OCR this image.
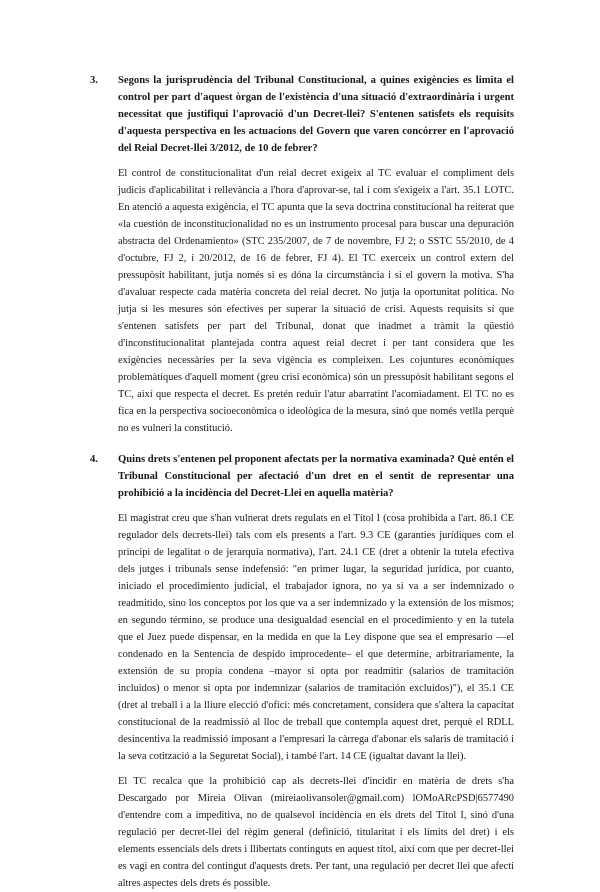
3.	Segons la jurisprudència del Tribunal Constitucional, a quines exigències es limita el control per part d'aquest òrgan de l'existència d'una situació d'extraordinària i urgent necessitat que justifiqui l'aprovació d'un Decret-llei? S'entenen satisfets els requisits d'aquesta perspectiva en les actuacions del Govern que varen concórrer en l'aprovació del Reial Decret-llei 3/2012, de 10 de febrer?

El control de constitucionalitat d'un reial decret exigeix al TC evaluar el compliment dels judicis d'aplicabilitat i rellevància a l'hora d'aprovar-se, tal i com s'exigeix a l'art. 35.1 LOTC. En atenció a aquesta exigència, el TC apunta que la seva doctrina constitucional ha reiterat que «la cuestión de inconstitucionalidad no es un instrumento procesal para buscar una depuración abstracta del Ordenamiento» (STC 235/2007, de 7 de novembre, FJ 2; o SSTC 55/2010, de 4 d'octubre, FJ 2, i 20/2012, de 16 de febrer, FJ 4). El TC exerceix un control extern del pressupòsit habilitant, jutja només si es dóna la circumstància i si el govern la motiva. S'ha d'avaluar respecte cada matèria concreta del reial decret. No jutja la oportunitat política. No jutja si les mesures són efectives per superar la situació de crisi. Aquests requisits sí que s'entenen satisfets per part del Tribunal, donat que inadmet a tràmit la qüestió d'inconstitucionalitat plantejada contra aquest reial decret i per tant considera que les exigències necessàries per la seva vigència es compleixen. Les cojuntures econòmiques problemàtiques d'aquell moment (greu crisi econòmica) són un pressupòsit habilitant segons el TC, així que respecta el decret. Es pretén reduir l'atur abarratint l'acomiadament. El TC no es fica en la perspectiva socioeconòmica o ideològica de la mesura, sinó que només vetlla perquè no es vulneri la constitució.

4.	Quins drets s'entenen pel proponent afectats per la normativa examinada? Què entén el Tribunal Constitucional per afectació d'un dret en el sentit de representar una prohibició a la incidència del Decret-Llei en aquella matèria?

El magistrat creu que s'han vulnerat drets regulats en el Títol I (cosa prohibida a l'art. 86.1 CE regulador dels decrets-llei) tals com els presents a l'art. 9.3 CE (garanties jurídiques com el principi de legalitat o de jerarquia normativa), l'art. 24.1 CE (dret a obtenir la tutela efectiva dels jutges i tribunals sense indefensió: "en primer lugar, la seguridad jurídica, por cuanto, iniciado el procedimiento judicial, el trabajador ignora, no ya si va a ser indemnizado o readmitido, sino los conceptos por los que va a ser indemnizado y la extensión de los mismos; en segundo término, se produce una desigualdad esencial en el procedimiento y en la tutela que el Juez puede dispensar, en la medida en que la Ley dispone que sea el empresario ––el condenado en la Sentencia de despido improcedente– el que determine, arbitrariamente, la extensión de su propia condena –mayor si opta por readmitir (salarios de tramitación incluidos) o menor si opta por indemnizar (salarios de tramitación excluidos)"), el 35.1 CE (dret al treball i a la lliure elecció d'ofici: més concretament, considera que s'altera la capacitat constitucional de la readmissió al lloc de treball que contempla aquest dret, perquè el RDLL desincentiva la readmissió imposant a l'empresari la càrrega d'abonar els salaris de tramitació i la seva cotització a la Seguretat Social), i també l'art. 14 CE (igualtat davant la llei).

El TC recalca que la prohibició cap als decrets-llei d'incidir en matèria de drets s'ha Descargado por Mireia Olivan (mireiaolivansoler@gmail.com) lOMoARcPSD|6577490 d'entendre com a impeditiva, no de qualsevol incidència en els drets del Títol I, sinó d'una regulació per decret-llei del règim general (definició, titularitat i els límits del dret) i els elements essencials dels drets i llibertats continguts en aquest títol, així com que per decret-llei es vagi en contra del contingut d'aquests drets. Per tant, una regulació per decret llei que afecti altres aspectes dels drets és possible.
